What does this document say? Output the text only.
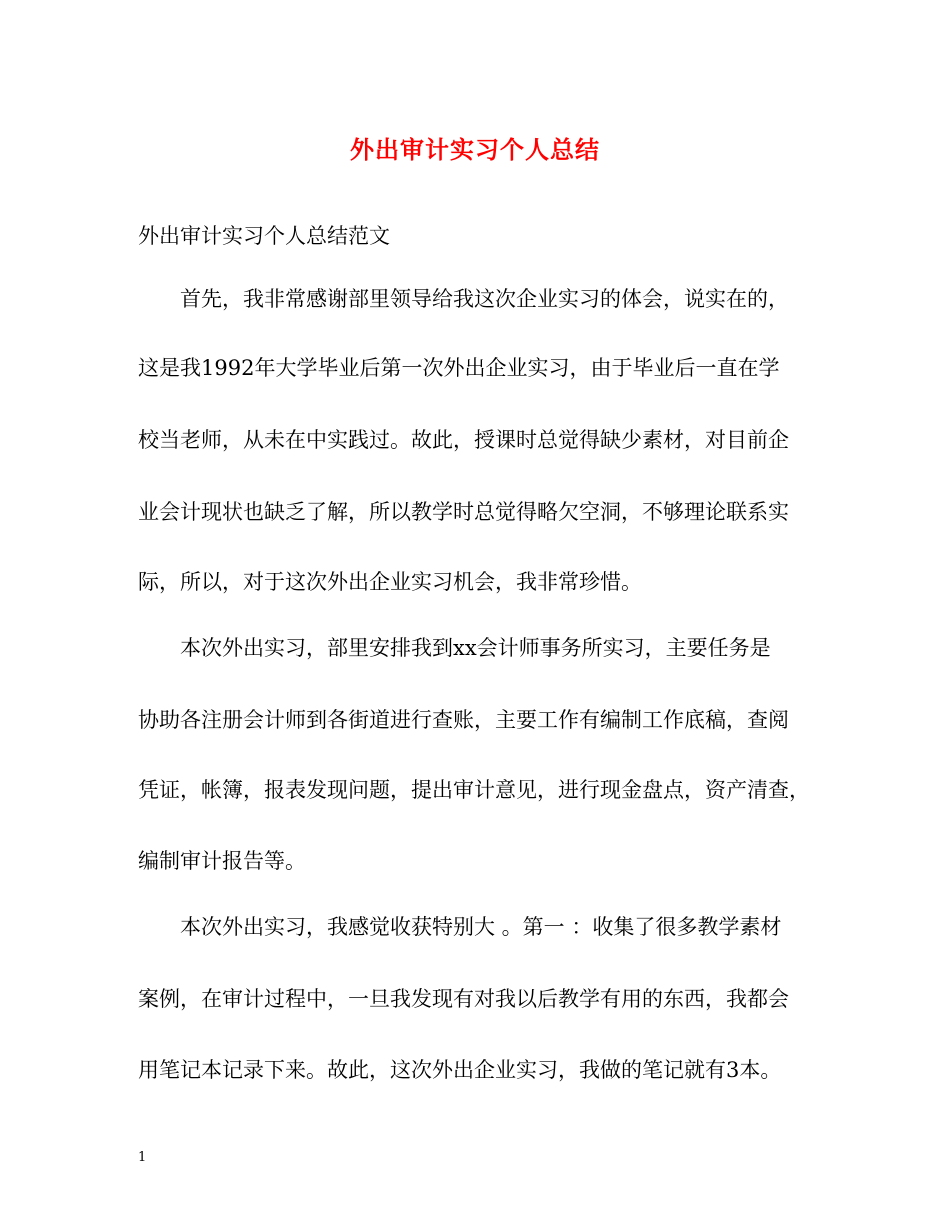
外出审计实习个人总结
外出审计实习个人总结范文
首先，我非常感谢部里领导给我这次企业实习的体会，说实在的，
这是我1992年大学毕业后第一次外出企业实习，由于毕业后一直在学
校当老师，从未在中实践过。故此，授课时总觉得缺少素材，对目前企
业会计现状也缺乏了解，所以教学时总觉得略欠空洞，不够理论联系实
际，所以，对于这次外出企业实习机会，我非常珍惜。
本次外出实习，部里安排我到xx会计师事务所实习，主要任务是
协助各注册会计师到各街道进行查账，主要工作有编制工作底稿，查阅
凭证，帐簿，报表发现问题，提出审计意见，进行现金盘点，资产清查，
编制审计报告等。
本次外出实习，我感觉收获特别大 。第一 ：收集了很多教学素材
案例，在审计过程中，一旦我发现有对我以后教学有用的东西，我都会
用笔记本记录下来。故此，这次外出企业实习，我做的笔记就有3本。
1
